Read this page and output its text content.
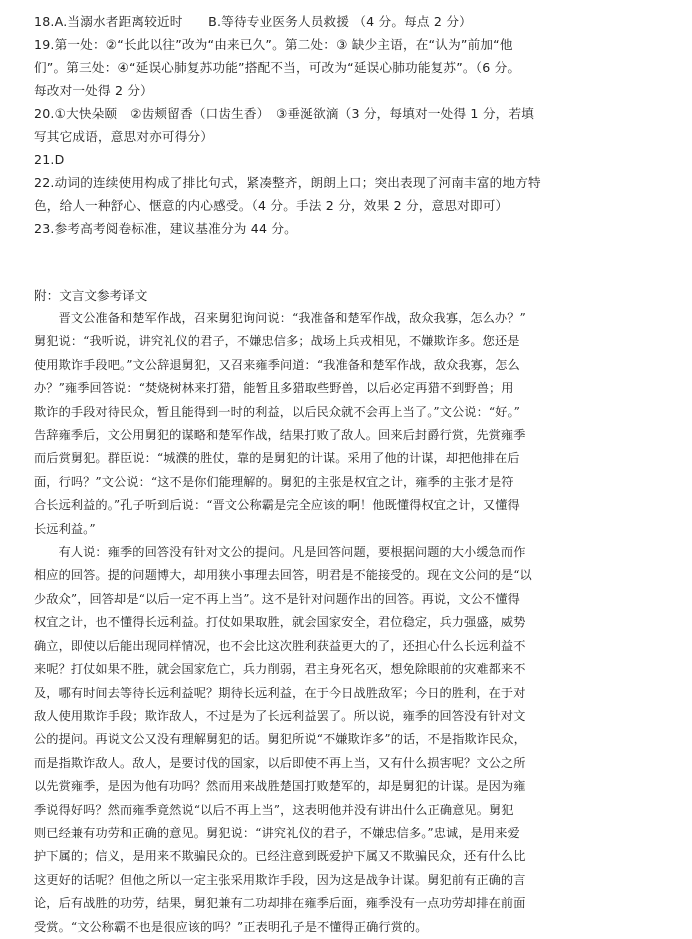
18.A.当溺水者距离较近时　　B.等待专业医务人员救援 （4 分。每点 2 分）

19.第一处：②“长此以往”改为“由来已久”。第二处：③ 缺少主语，在“认为”前加“他

们”。第三处：④“延误心肺复苏功能”搭配不当，可改为“延误心肺功能复苏”。（6 分。

每改对一处得 2 分）

20.①大快朵颐　②齿颊留香（口齿生香）　③垂涎欲滴（3 分，每填对一处得 1 分，若填

写其它成语，意思对亦可得分）

21.D

22.动词的连续使用构成了排比句式，紧凑整齐，朗朗上口；突出表现了河南丰富的地方特

色，给人一种舒心、惬意的内心感受。（4 分。手法 2 分，效果 2 分，意思对即可）

23.参考高考阅卷标准，建议基准分为 44 分。

附：文言文参考译文

　　晋文公准备和楚军作战，召来舅犯询问说：“我准备和楚军作战，敌众我寡，怎么办？”

舅犯说：“我听说，讲究礼仪的君子，不嫌忠信多；战场上兵戎相见，不嫌欺诈多。您还是

使用欺诈手段吧。”文公辞退舅犯，又召来雍季问道：“我准备和楚军作战，敌众我寡，怎么

办？”雍季回答说：“焚烧树林来打猎，能暂且多猎取些野兽，以后必定再猎不到野兽；用

欺诈的手段对待民众，暂且能得到一时的利益，以后民众就不会再上当了。”文公说：“好。”

告辞雍季后，文公用舅犯的谋略和楚军作战，结果打败了敌人。回来后封爵行赏，先赏雍季

而后赏舅犯。群臣说：“城濮的胜仗，靠的是舅犯的计谋。采用了他的计谋，却把他排在后

面，行吗？”文公说：“这不是你们能理解的。舅犯的主张是权宜之计，雍季的主张才是符

合长远利益的。”孔子听到后说：“晋文公称霸是完全应该的啊！他既懂得权宜之计，又懂得

长远利益。”

　　有人说：雍季的回答没有针对文公的提问。凡是回答问题，要根据问题的大小缓急而作

相应的回答。提的问题博大，却用狭小事理去回答，明君是不能接受的。现在文公问的是“以

少敌众”，回答却是“以后一定不再上当”。这不是针对问题作出的回答。再说，文公不懂得

权宜之计，也不懂得长远利益。打仗如果取胜，就会国家安全，君位稳定，兵力强盛，威势

确立，即使以后能出现同样情况，也不会比这次胜利获益更大的了，还担心什么长远利益不

来呢？打仗如果不胜，就会国家危亡，兵力削弱，君主身死名灭，想免除眼前的灾难都来不

及，哪有时间去等待长远利益呢？期待长远利益，在于今日战胜敌军；今日的胜利，在于对

敌人使用欺诈手段；欺诈敌人，不过是为了长远利益罢了。所以说，雍季的回答没有针对文

公的提问。再说文公又没有理解舅犯的话。舅犯所说“不嫌欺诈多”的话，不是指欺诈民众，

而是指欺诈敌人。敌人，是要讨伐的国家，以后即使不再上当，又有什么损害呢？文公之所

以先赏雍季，是因为他有功吗？然而用来战胜楚国打败楚军的，却是舅犯的计谋。是因为雍

季说得好吗？然而雍季竟然说“以后不再上当”，这表明他并没有讲出什么正确意见。舅犯

则已经兼有功劳和正确的意见。舅犯说：“讲究礼仪的君子，不嫌忠信多。”忠诚，是用来爱

护下属的；信义，是用来不欺骗民众的。已经注意到既爱护下属又不欺骗民众，还有什么比

这更好的话呢？但他之所以一定主张采用欺诈手段，因为这是战争计谋。舅犯前有正确的言

论，后有战胜的功劳，结果，舅犯兼有二功却排在雍季后面，雍季没有一点功劳却排在前面

受赏。“文公称霸不也是很应该的吗？”正表明孔子是不懂得正确行赏的。
